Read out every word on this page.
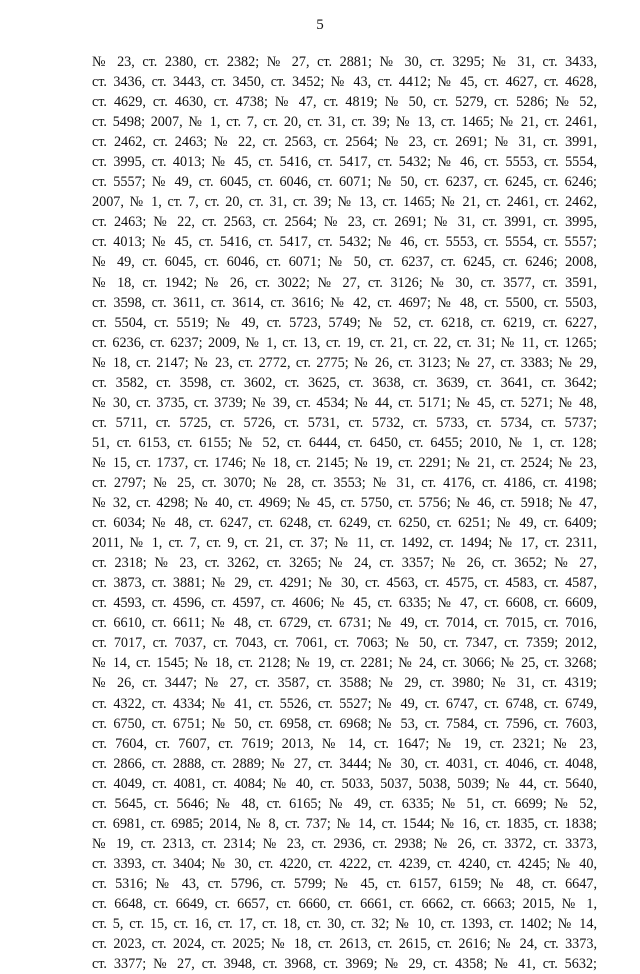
5
№ 23, ст. 2380, ст. 2382; № 27, ст. 2881; № 30, ст. 3295; № 31, ст. 3433,
ст. 3436, ст. 3443, ст. 3450, ст. 3452; № 43, ст. 4412; № 45, ст. 4627, ст. 4628,
ст. 4629, ст. 4630, ст. 4738; № 47, ст. 4819; № 50, ст. 5279, ст. 5286; № 52,
ст. 5498; 2007, № 1, ст. 7, ст. 20, ст. 31, ст. 39; № 13, ст. 1465; № 21, ст. 2461,
ст. 2462, ст. 2463; № 22, ст. 2563, ст. 2564; № 23, ст. 2691; № 31, ст. 3991,
ст. 3995, ст. 4013; № 45, ст. 5416, ст. 5417, ст. 5432; № 46, ст. 5553, ст. 5554,
ст. 5557; № 49, ст. 6045, ст. 6046, ст. 6071; № 50, ст. 6237, ст. 6245, ст. 6246;
2007, № 1, ст. 7, ст. 20, ст. 31, ст. 39; № 13, ст. 1465; № 21, ст. 2461, ст. 2462,
ст. 2463; № 22, ст. 2563, ст. 2564; № 23, ст. 2691; № 31, ст. 3991, ст. 3995,
ст. 4013; № 45, ст. 5416, ст. 5417, ст. 5432; № 46, ст. 5553, ст. 5554, ст. 5557;
№ 49, ст. 6045, ст. 6046, ст. 6071; № 50, ст. 6237, ст. 6245, ст. 6246; 2008,
№ 18, ст. 1942; № 26, ст. 3022; № 27, ст. 3126; № 30, ст. 3577, ст. 3591,
ст. 3598, ст. 3611, ст. 3614, ст. 3616; № 42, ст. 4697; № 48, ст. 5500, ст. 5503,
ст. 5504, ст. 5519; № 49, ст. 5723, 5749; № 52, ст. 6218, ст. 6219, ст. 6227,
ст. 6236, ст. 6237; 2009, № 1, ст. 13, ст. 19, ст. 21, ст. 22, ст. 31; № 11, ст. 1265;
№ 18, ст. 2147; № 23, ст. 2772, ст. 2775; № 26, ст. 3123; № 27, ст. 3383; № 29,
ст. 3582, ст. 3598, ст. 3602, ст. 3625, ст. 3638, ст. 3639, ст. 3641, ст. 3642;
№ 30, ст. 3735, ст. 3739; № 39, ст. 4534; № 44, ст. 5171; № 45, ст. 5271; № 48,
ст. 5711, ст. 5725, ст. 5726, ст. 5731, ст. 5732, ст. 5733, ст. 5734, ст. 5737;
51, ст. 6153, ст. 6155; № 52, ст. 6444, ст. 6450, ст. 6455; 2010, № 1, ст. 128;
№ 15, ст. 1737, ст. 1746; № 18, ст. 2145; № 19, ст. 2291; № 21, ст. 2524; № 23,
ст. 2797; № 25, ст. 3070; № 28, ст. 3553; № 31, ст. 4176, ст. 4186, ст. 4198;
№ 32, ст. 4298; № 40, ст. 4969; № 45, ст. 5750, ст. 5756; № 46, ст. 5918; № 47,
ст. 6034; № 48, ст. 6247, ст. 6248, ст. 6249, ст. 6250, ст. 6251; № 49, ст. 6409;
2011, № 1, ст. 7, ст. 9, ст. 21, ст. 37; № 11, ст. 1492, ст. 1494; № 17, ст. 2311,
ст. 2318; № 23, ст. 3262, ст. 3265; № 24, ст. 3357; № 26, ст. 3652; № 27,
ст. 3873, ст. 3881; № 29, ст. 4291; № 30, ст. 4563, ст. 4575, ст. 4583, ст. 4587,
ст. 4593, ст. 4596, ст. 4597, ст. 4606; № 45, ст. 6335; № 47, ст. 6608, ст. 6609,
ст. 6610, ст. 6611; № 48, ст. 6729, ст. 6731; № 49, ст. 7014, ст. 7015, ст. 7016,
ст. 7017, ст. 7037, ст. 7043, ст. 7061, ст. 7063; № 50, ст. 7347, ст. 7359; 2012,
№ 14, ст. 1545; № 18, ст. 2128; № 19, ст. 2281; № 24, ст. 3066; № 25, ст. 3268;
№ 26, ст. 3447; № 27, ст. 3587, ст. 3588; № 29, ст. 3980; № 31, ст. 4319;
ст. 4322, ст. 4334; № 41, ст. 5526, ст. 5527; № 49, ст. 6747, ст. 6748, ст. 6749,
ст. 6750, ст. 6751; № 50, ст. 6958, ст. 6968; № 53, ст. 7584, ст. 7596, ст. 7603,
ст. 7604, ст. 7607, ст. 7619; 2013, № 14, ст. 1647; № 19, ст. 2321; № 23,
ст. 2866, ст. 2888, ст. 2889; № 27, ст. 3444; № 30, ст. 4031, ст. 4046, ст. 4048,
ст. 4049, ст. 4081, ст. 4084; № 40, ст. 5033, 5037, 5038, 5039; № 44, ст. 5640,
ст. 5645, ст. 5646; № 48, ст. 6165; № 49, ст. 6335; № 51, ст. 6699; № 52,
ст. 6981, ст. 6985; 2014, № 8, ст. 737; № 14, ст. 1544; № 16, ст. 1835, ст. 1838;
№ 19, ст. 2313, ст. 2314; № 23, ст. 2936, ст. 2938; № 26, ст. 3372, ст. 3373,
ст. 3393, ст. 3404; № 30, ст. 4220, ст. 4222, ст. 4239, ст. 4240, ст. 4245; № 40,
ст. 5316; № 43, ст. 5796, ст. 5799; № 45, ст. 6157, 6159; № 48, ст. 6647,
ст. 6648, ст. 6649, ст. 6657, ст. 6660, ст. 6661, ст. 6662, ст. 6663; 2015, № 1,
ст. 5, ст. 15, ст. 16, ст. 17, ст. 18, ст. 30, ст. 32; № 10, ст. 1393, ст. 1402; № 14,
ст. 2023, ст. 2024, ст. 2025; № 18, ст. 2613, ст. 2615, ст. 2616; № 24, ст. 3373,
ст. 3377; № 27, ст. 3948, ст. 3968, ст. 3969; № 29, ст. 4358; № 41, ст. 5632;
